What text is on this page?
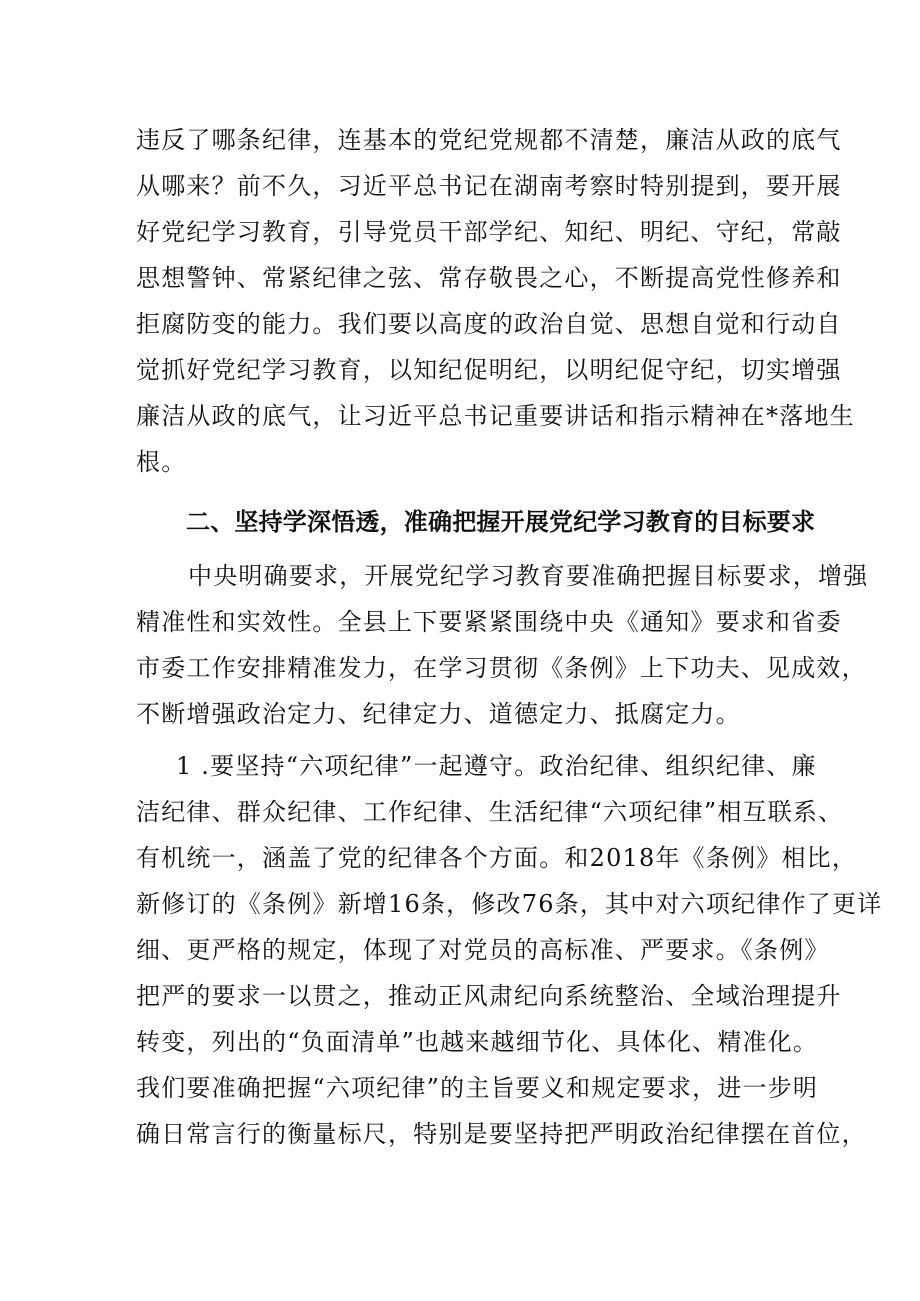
违反了哪条纪律，连基本的党纪党规都不清楚，廉洁从政的底气
从哪来？前不久，习近平总书记在湖南考察时特别提到，要开展
好党纪学习教育，引导党员干部学纪、知纪、明纪、守纪，常敲
思想警钟、常紧纪律之弦、常存敬畏之心，不断提高党性修养和
拒腐防变的能力。我们要以高度的政治自觉、思想自觉和行动自
觉抓好党纪学习教育，以知纪促明纪，以明纪促守纪，切实增强
廉洁从政的底气，让习近平总书记重要讲话和指示精神在*落地生
根。
二、坚持学深悟透，准确把握开展党纪学习教育的目标要求
中央明确要求，开展党纪学习教育要准确把握目标要求，增强
精准性和实效性。全县上下要紧紧围绕中央《通知》要求和省委
市委工作安排精准发力，在学习贯彻《条例》上下功夫、见成效，
不断增强政治定力、纪律定力、道德定力、抵腐定力。
1 .要坚持“六项纪律”一起遵守。政治纪律、组织纪律、廉
洁纪律、群众纪律、工作纪律、生活纪律“六项纪律”相互联系、
有机统一，涵盖了党的纪律各个方面。和2018年《条例》相比，
新修订的《条例》新增16条，修改76条，其中对六项纪律作了更详
细、更严格的规定，体现了对党员的高标准、严要求。《条例》
把严的要求一以贯之，推动正风肃纪向系统整治、全域治理提升
转变，列出的“负面清单”也越来越细节化、具体化、精准化。
我们要准确把握“六项纪律”的主旨要义和规定要求，进一步明
确日常言行的衡量标尺，特别是要坚持把严明政治纪律摆在首位，
